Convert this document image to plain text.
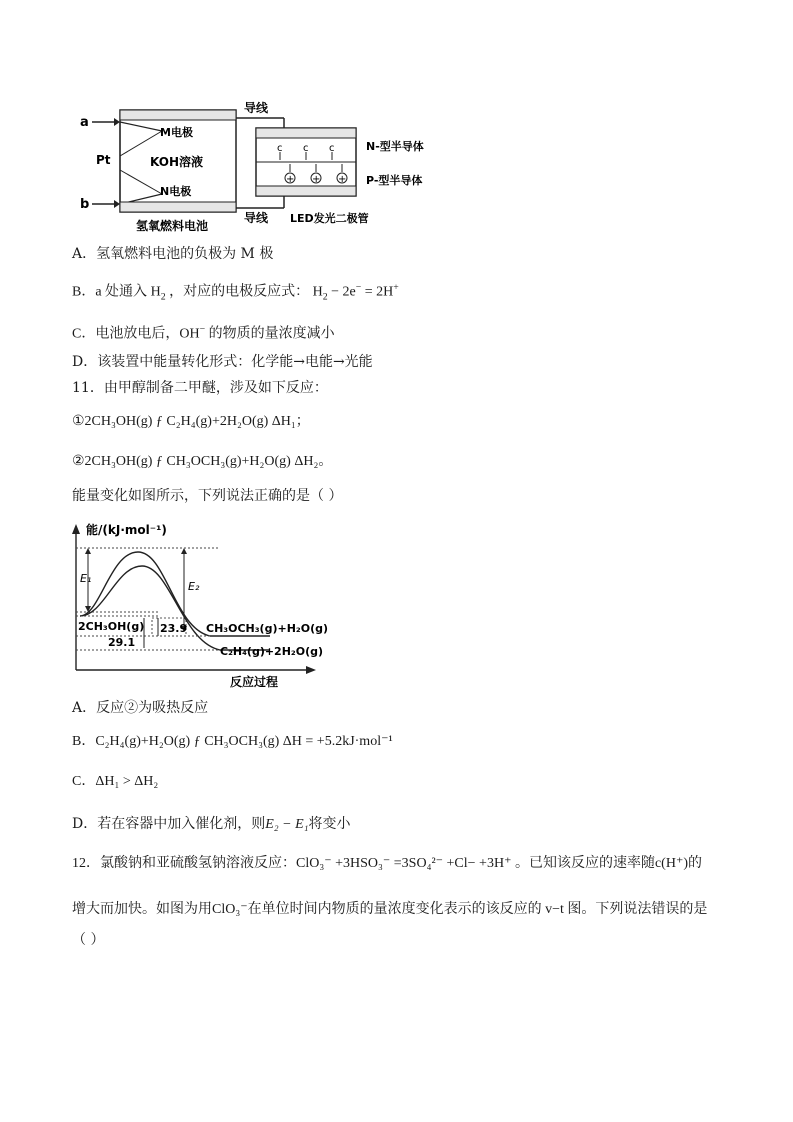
a
b
Pt
M电极
KOH溶液
N电极
氢氧燃料电池
导线
导线
c c c
+ + +
N-型半导体
P-型半导体
LED发光二极管
A．氢氧燃料电池的负极为 M 极
B．a 处通入 $H_2$ ，对应的电极反应式： $H_2 - 2e^- = 2H^+$
C．电池放电后，OH− 的物质的量浓度减小
D．该装置中能量转化形式：化学能→电能→光能
11．由甲醇制备二甲醚，涉及如下反应：
①2CH₃OH(g) ƒ C₂H₄(g)+2H₂O(g) ΔH₁；
②2CH₃OH(g) ƒ CH₃OCH₃(g)+H₂O(g) ΔH₂。
能量变化如图所示，下列说法正确的是（ ）
能/(kJ·mol⁻¹)
反应过程
E₁
E₂
2CH₃OH(g) 23.9
29.1
CH₃OCH₃(g)+H₂O(g)
C₂H₄(g)+2H₂O(g)
A．反应②为吸热反应
B．C₂H₄(g)+H₂O(g) ƒ CH₃OCH₃(g) ΔH = +5.2kJ·mol⁻¹
C．ΔH₁ > ΔH₂
D．若在容器中加入催化剂，则E₂ − E₁将变小
12．氯酸钠和亚硫酸氢钠溶液反应：ClO₃⁻ +3HSO₃⁻ =3SO₄²⁻ +Cl− +3H⁺ 。已知该反应的速率随c(H⁺)的
增大而加快。如图为用ClO₃⁻在单位时间内物质的量浓度变化表示的该反应的 v−t 图。下列说法错误的是
（ ）
